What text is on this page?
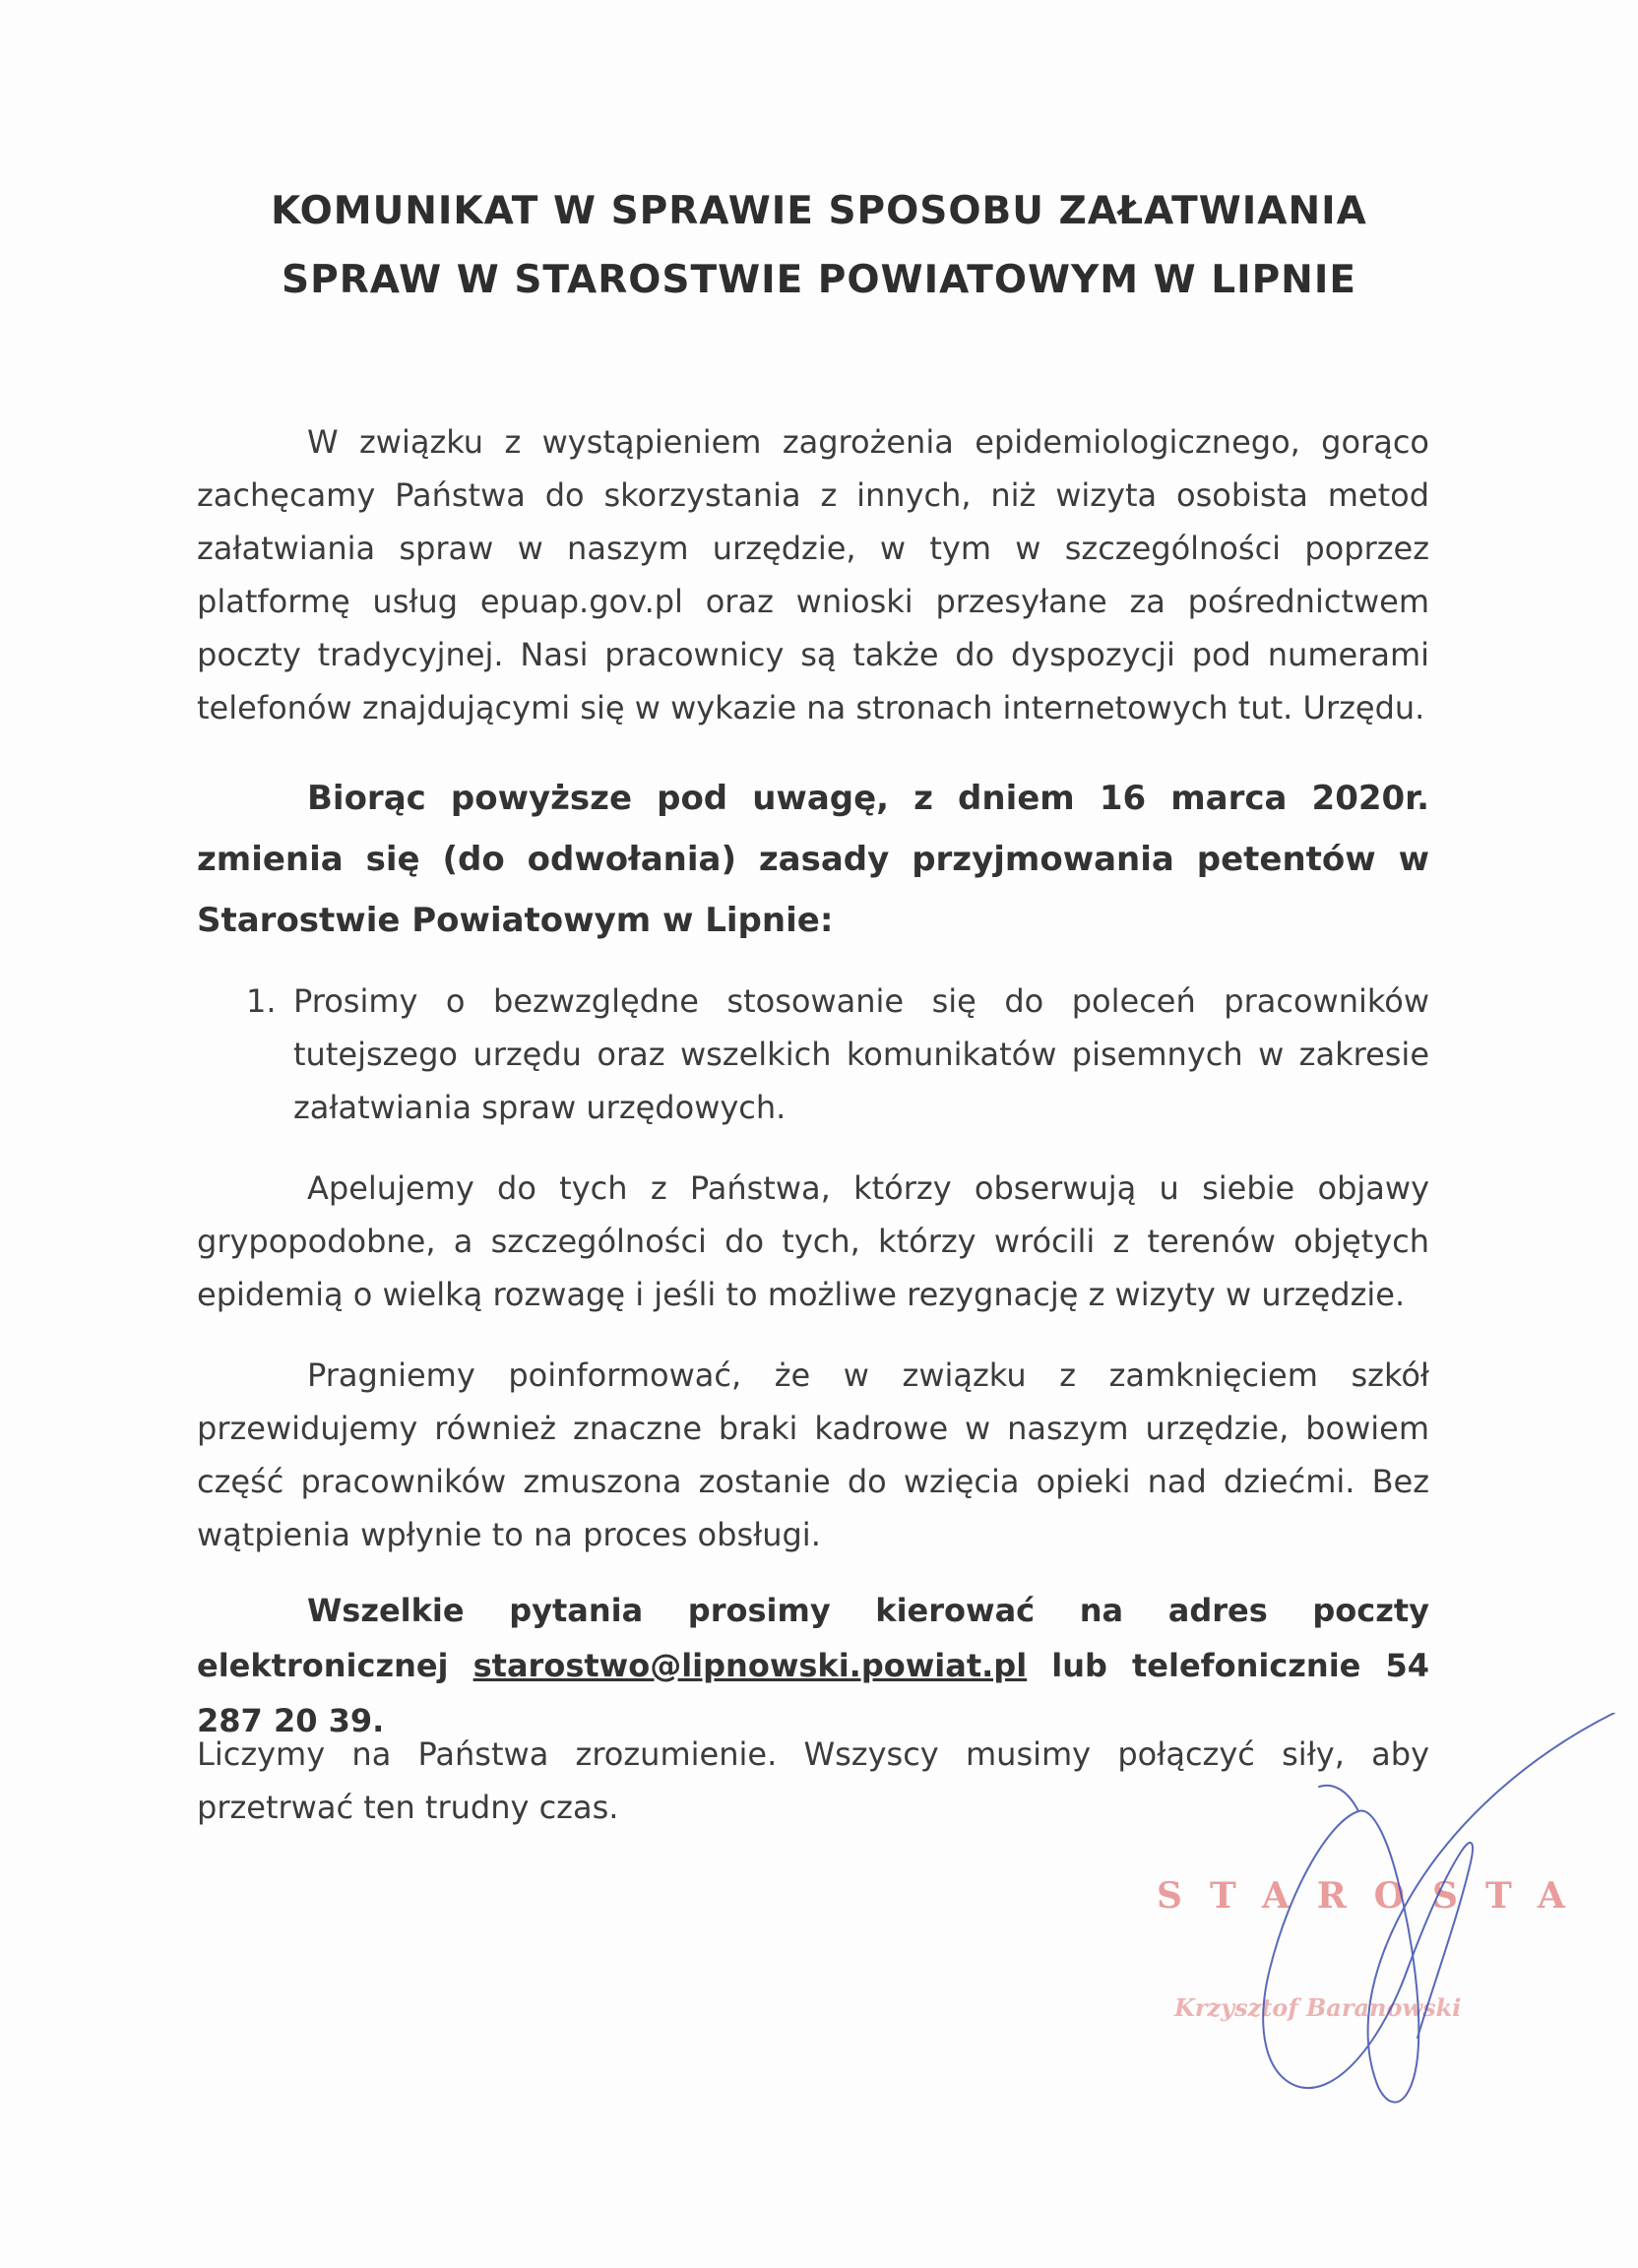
KOMUNIKAT W SPRAWIE SPOSOBU ZAŁATWIANIA
SPRAW W STAROSTWIE POWIATOWYM W LIPNIE

W związku z wystąpieniem zagrożenia epidemiologicznego, gorąco zachęcamy Państwa do skorzystania z innych, niż wizyta osobista metod załatwiania spraw w naszym urzędzie, w tym w szczególności poprzez platformę usług epuap.gov.pl oraz wnioski przesyłane za pośrednictwem poczty tradycyjnej. Nasi pracownicy są także do dyspozycji pod numerami telefonów znajdującymi się w wykazie na stronach internetowych tut. Urzędu.

Biorąc powyższe pod uwagę, z dniem 16 marca 2020r. zmienia się (do odwołania) zasady przyjmowania petentów w Starostwie Powiatowym w Lipnie:

1. Prosimy o bezwzględne stosowanie się do poleceń pracowników tutejszego urzędu oraz wszelkich komunikatów pisemnych w zakresie załatwiania spraw urzędowych.

Apelujemy do tych z Państwa, którzy obserwują u siebie objawy grypopodobne, a szczególności do tych, którzy wrócili z terenów objętych epidemią o wielką rozwagę i jeśli to możliwe rezygnację z wizyty w urzędzie.

Pragniemy poinformować, że w związku z zamknięciem szkół przewidujemy również znaczne braki kadrowe w naszym urzędzie, bowiem część pracowników zmuszona zostanie do wzięcia opieki nad dziećmi. Bez wątpienia wpłynie to na proces obsługi.

Wszelkie pytania prosimy kierować na adres poczty elektronicznej starostwo@lipnowski.powiat.pl lub telefonicznie 54 287 20 39.

Liczymy na Państwa zrozumienie. Wszyscy musimy połączyć siły, aby przetrwać ten trudny czas.

STAROSTA
Krzysztof Baranowski
